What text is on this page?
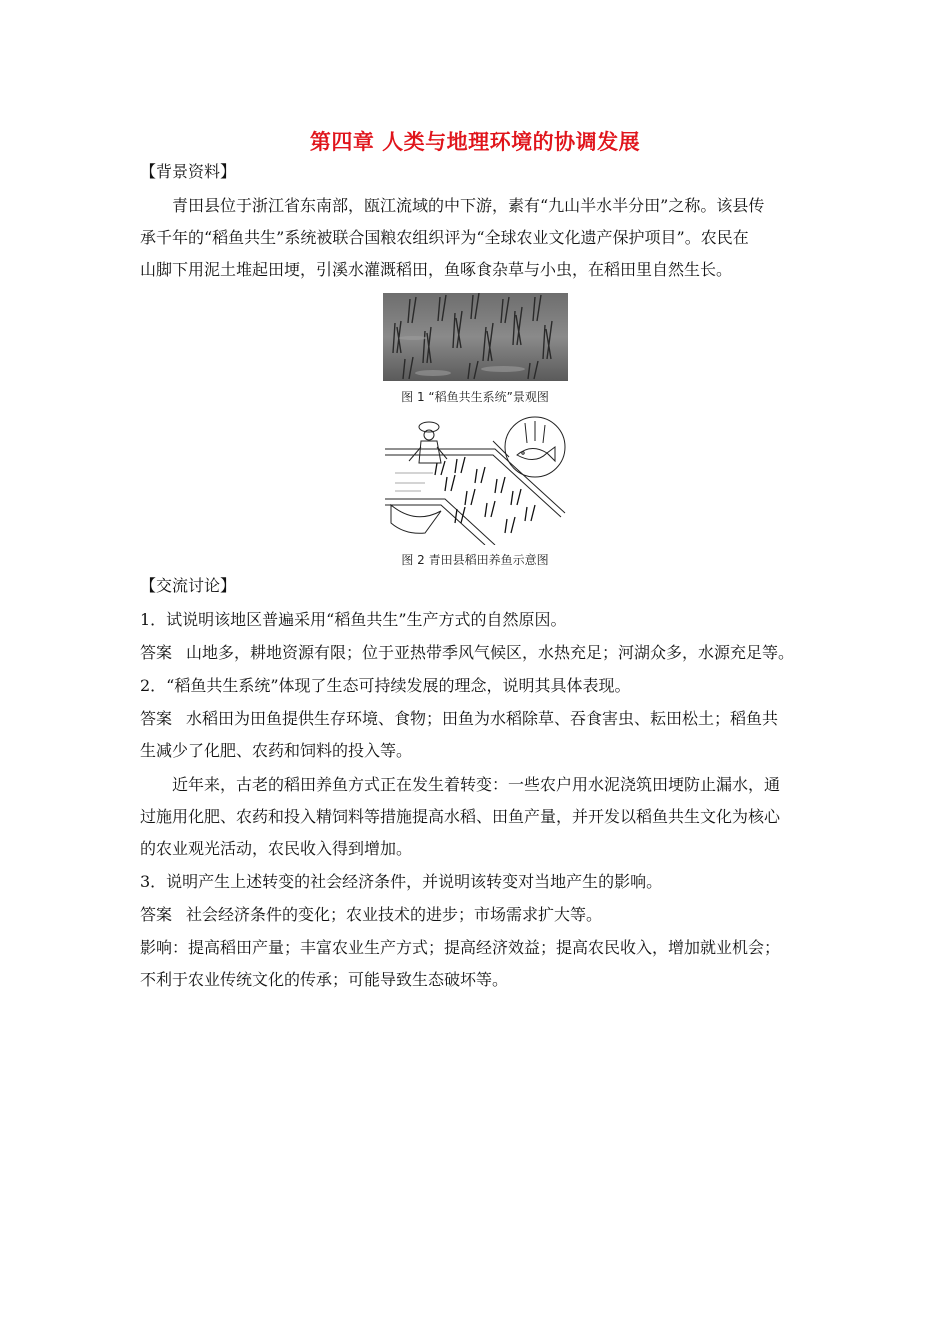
第四章 人类与地理环境的协调发展
【背景资料】
青田县位于浙江省东南部，瓯江流域的中下游，素有“九山半水半分田”之称。该县传
承千年的“稻鱼共生”系统被联合国粮农组织评为“全球农业文化遗产保护项目”。农民在
山脚下用泥土堆起田埂，引溪水灌溉稻田，鱼啄食杂草与小虫，在稻田里自然生长。
图 1 “稻鱼共生系统”景观图
图 2 青田县稻田养鱼示意图
【交流讨论】
1．试说明该地区普遍采用“稻鱼共生”生产方式的自然原因。
答案 山地多，耕地资源有限；位于亚热带季风气候区，水热充足；河湖众多，水源充足等。
2．“稻鱼共生系统”体现了生态可持续发展的理念，说明其具体表现。
答案 水稻田为田鱼提供生存环境、食物；田鱼为水稻除草、吞食害虫、耘田松土；稻鱼共
生减少了化肥、农药和饲料的投入等。
近年来，古老的稻田养鱼方式正在发生着转变：一些农户用水泥浇筑田埂防止漏水，通
过施用化肥、农药和投入精饲料等措施提高水稻、田鱼产量，并开发以稻鱼共生文化为核心
的农业观光活动，农民收入得到增加。
3．说明产生上述转变的社会经济条件，并说明该转变对当地产生的影响。
答案 社会经济条件的变化；农业技术的进步；市场需求扩大等。
影响：提高稻田产量；丰富农业生产方式；提高经济效益；提高农民收入，增加就业机会；
不利于农业传统文化的传承；可能导致生态破坏等。
